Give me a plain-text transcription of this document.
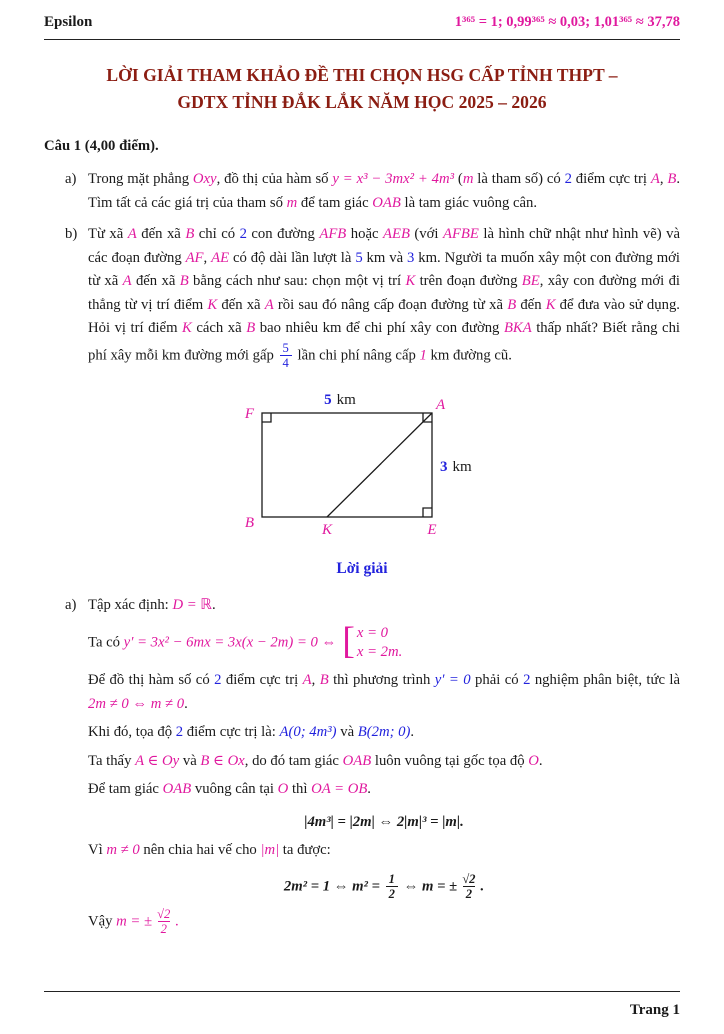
Epsilon	1³⁶⁵ = 1; 0,99³⁶⁵ ≈ 0,03; 1,01³⁶⁵ ≈ 37,78
LỜI GIẢI THAM KHẢO ĐỀ THI CHỌN HSG CẤP TỈNH THPT –
GDTX TỈNH ĐẮK LẮK NĂM HỌC 2025 – 2026
Câu 1 (4,00 điểm).
a) Trong mặt phẳng Oxy, đồ thị của hàm số y = x³ − 3mx² + 4m³ (m là tham số) có 2 điểm cực trị A, B. Tìm tất cả các giá trị của tham số m để tam giác OAB là tam giác vuông cân.
b) Từ xã A đến xã B chỉ có 2 con đường AFB hoặc AEB (với AFBE là hình chữ nhật như hình vẽ) và các đoạn đường AF, AE có độ dài lần lượt là 5 km và 3 km. Người ta muốn xây một con đường mới từ xã A đến xã B bằng cách như sau: chọn một vị trí K trên đoạn đường BE, xây con đường mới đi thẳng từ vị trí điểm K đến xã A rồi sau đó nâng cấp đoạn đường từ xã B đến K để đưa vào sử dụng. Hỏi vị trí điểm K cách xã B bao nhiêu km để chi phí xây con đường BKA thấp nhất? Biết rằng chi phí xây mỗi km đường mới gấp $\frac{5}{4}$ lần chi phí nâng cấp 1 km đường cũ.
F
A
B	K	E
5 km
3 km
Lời giải
a) Tập xác định: D = ℝ.
Ta có y′ = 3x² − 6mx = 3x(x − 2m) = 0 ⇔ [ x = 0
x = 2m.
Để đồ thị hàm số có 2 điểm cực trị A, B thì phương trình y′ = 0 phải có 2 nghiệm phân biệt, tức là 2m ≠ 0 ⇔ m ≠ 0.
Khi đó, tọa độ 2 điểm cực trị là: A(0; 4m³) và B(2m; 0).
Ta thấy A ∈ Oy và B ∈ Ox, do đó tam giác OAB luôn vuông tại gốc tọa độ O.
Để tam giác OAB vuông cân tại O thì OA = OB.
|4m³| = |2m| ⇔ 2|m|³ = |m|.
Vì m ≠ 0 nên chia hai vế cho |m| ta được:
2m² = 1 ⇔ $m^2 = \frac{1}{2}$ ⇔ m = ± $\frac{√2}{2}$ .
Vậy m = ± $\frac{√2}{2}$ .
Trang 1
